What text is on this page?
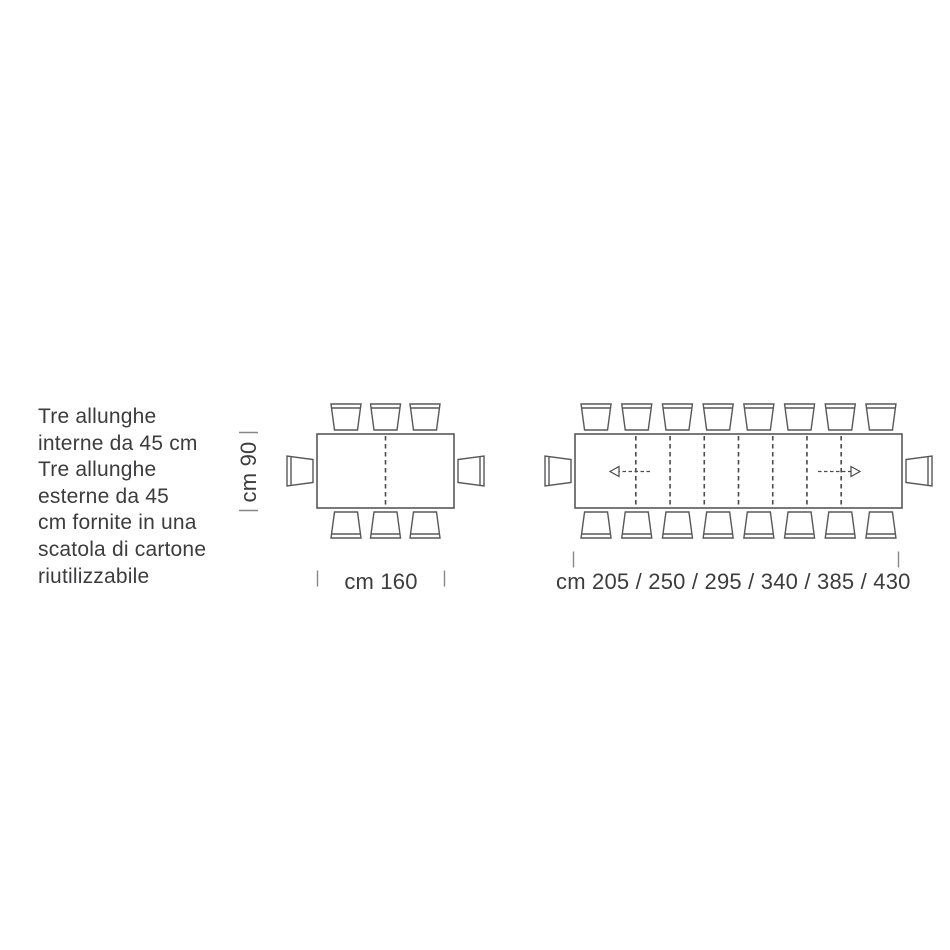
Tre allunghe
interne da 45 cm
Tre allunghe
esterne da 45
cm fornite in una
scatola di cartone
riutilizzabile
cm 90
cm 160	cm 205 / 250 / 295 / 340 / 385 / 430
